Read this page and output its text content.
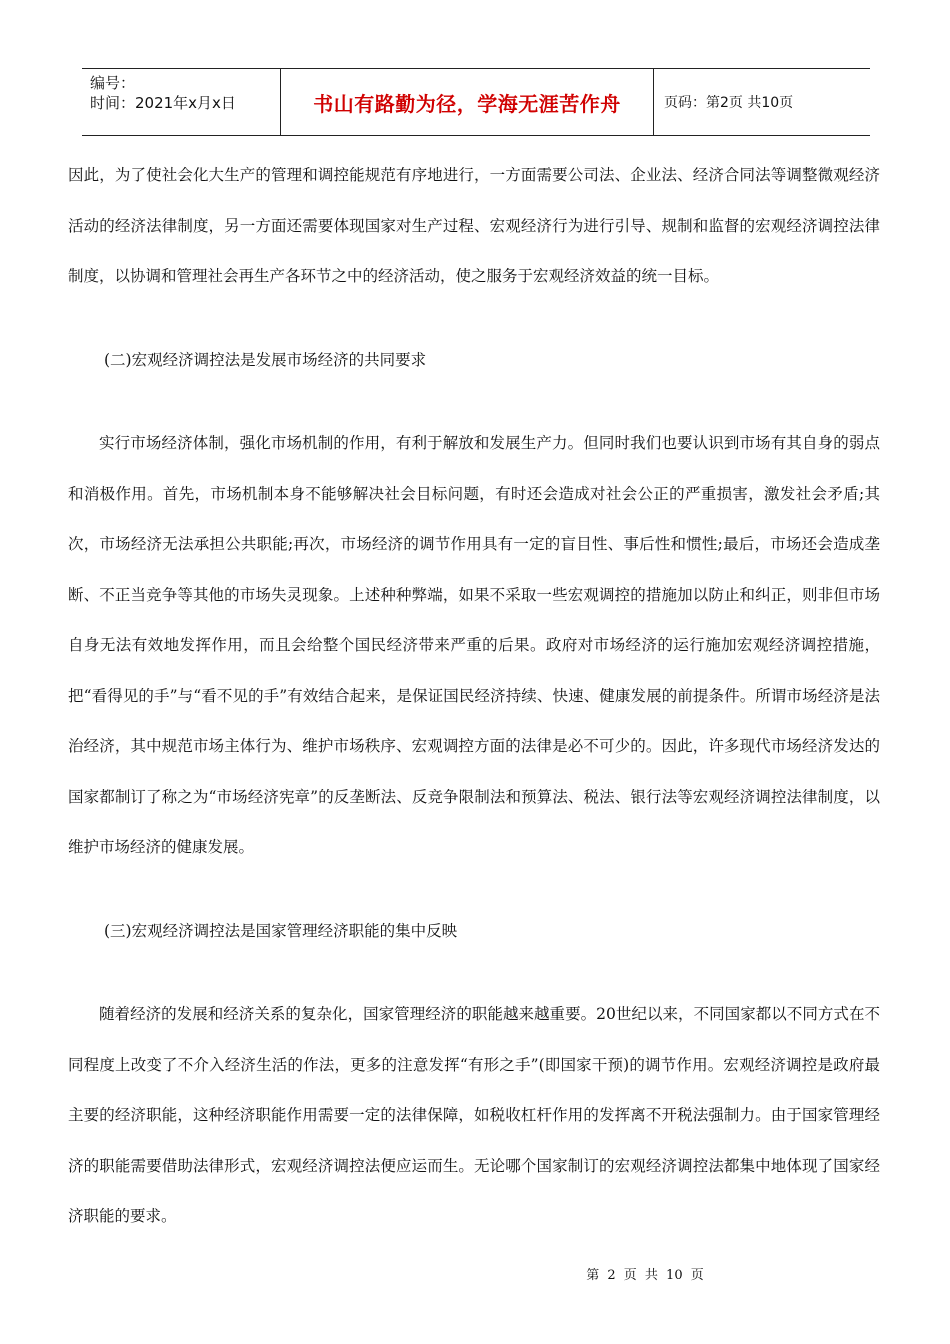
编号：
时间：2021年x月x日	书山有路勤为径，学海无涯苦作舟	页码：第2页 共10页

因此，为了使社会化大生产的管理和调控能规范有序地进行，一方面需要公司法、企业法、经济合同法等调整微观经济活动的经济法律制度，另一方面还需要体现国家对生产过程、宏观经济行为进行引导、规制和监督的宏观经济调控法律制度，以协调和管理社会再生产各环节之中的经济活动，使之服务于宏观经济效益的统一目标。

(二)宏观经济调控法是发展市场经济的共同要求

实行市场经济体制，强化市场机制的作用，有利于解放和发展生产力。但同时我们也要认识到市场有其自身的弱点和消极作用。首先，市场机制本身不能够解决社会目标问题，有时还会造成对社会公正的严重损害，激发社会矛盾;其次，市场经济无法承担公共职能;再次，市场经济的调节作用具有一定的盲目性、事后性和惯性;最后，市场还会造成垄断、不正当竞争等其他的市场失灵现象。上述种种弊端，如果不采取一些宏观调控的措施加以防止和纠正，则非但市场自身无法有效地发挥作用，而且会给整个国民经济带来严重的后果。政府对市场经济的运行施加宏观经济调控措施，把“看得见的手”与“看不见的手”有效结合起来，是保证国民经济持续、快速、健康发展的前提条件。所谓市场经济是法治经济，其中规范市场主体行为、维护市场秩序、宏观调控方面的法律是必不可少的。因此，许多现代市场经济发达的国家都制订了称之为“市场经济宪章”的反垄断法、反竞争限制法和预算法、税法、银行法等宏观经济调控法律制度，以维护市场经济的健康发展。

(三)宏观经济调控法是国家管理经济职能的集中反映

随着经济的发展和经济关系的复杂化，国家管理经济的职能越来越重要。20世纪以来，不同国家都以不同方式在不同程度上改变了不介入经济生活的作法，更多的注意发挥“有形之手”(即国家干预)的调节作用。宏观经济调控是政府最主要的经济职能，这种经济职能作用需要一定的法律保障，如税收杠杆作用的发挥离不开税法强制力。由于国家管理经济的职能需要借助法律形式，宏观经济调控法便应运而生。无论哪个国家制订的宏观经济调控法都集中地体现了国家经济职能的要求。

第 2 页 共 10 页
